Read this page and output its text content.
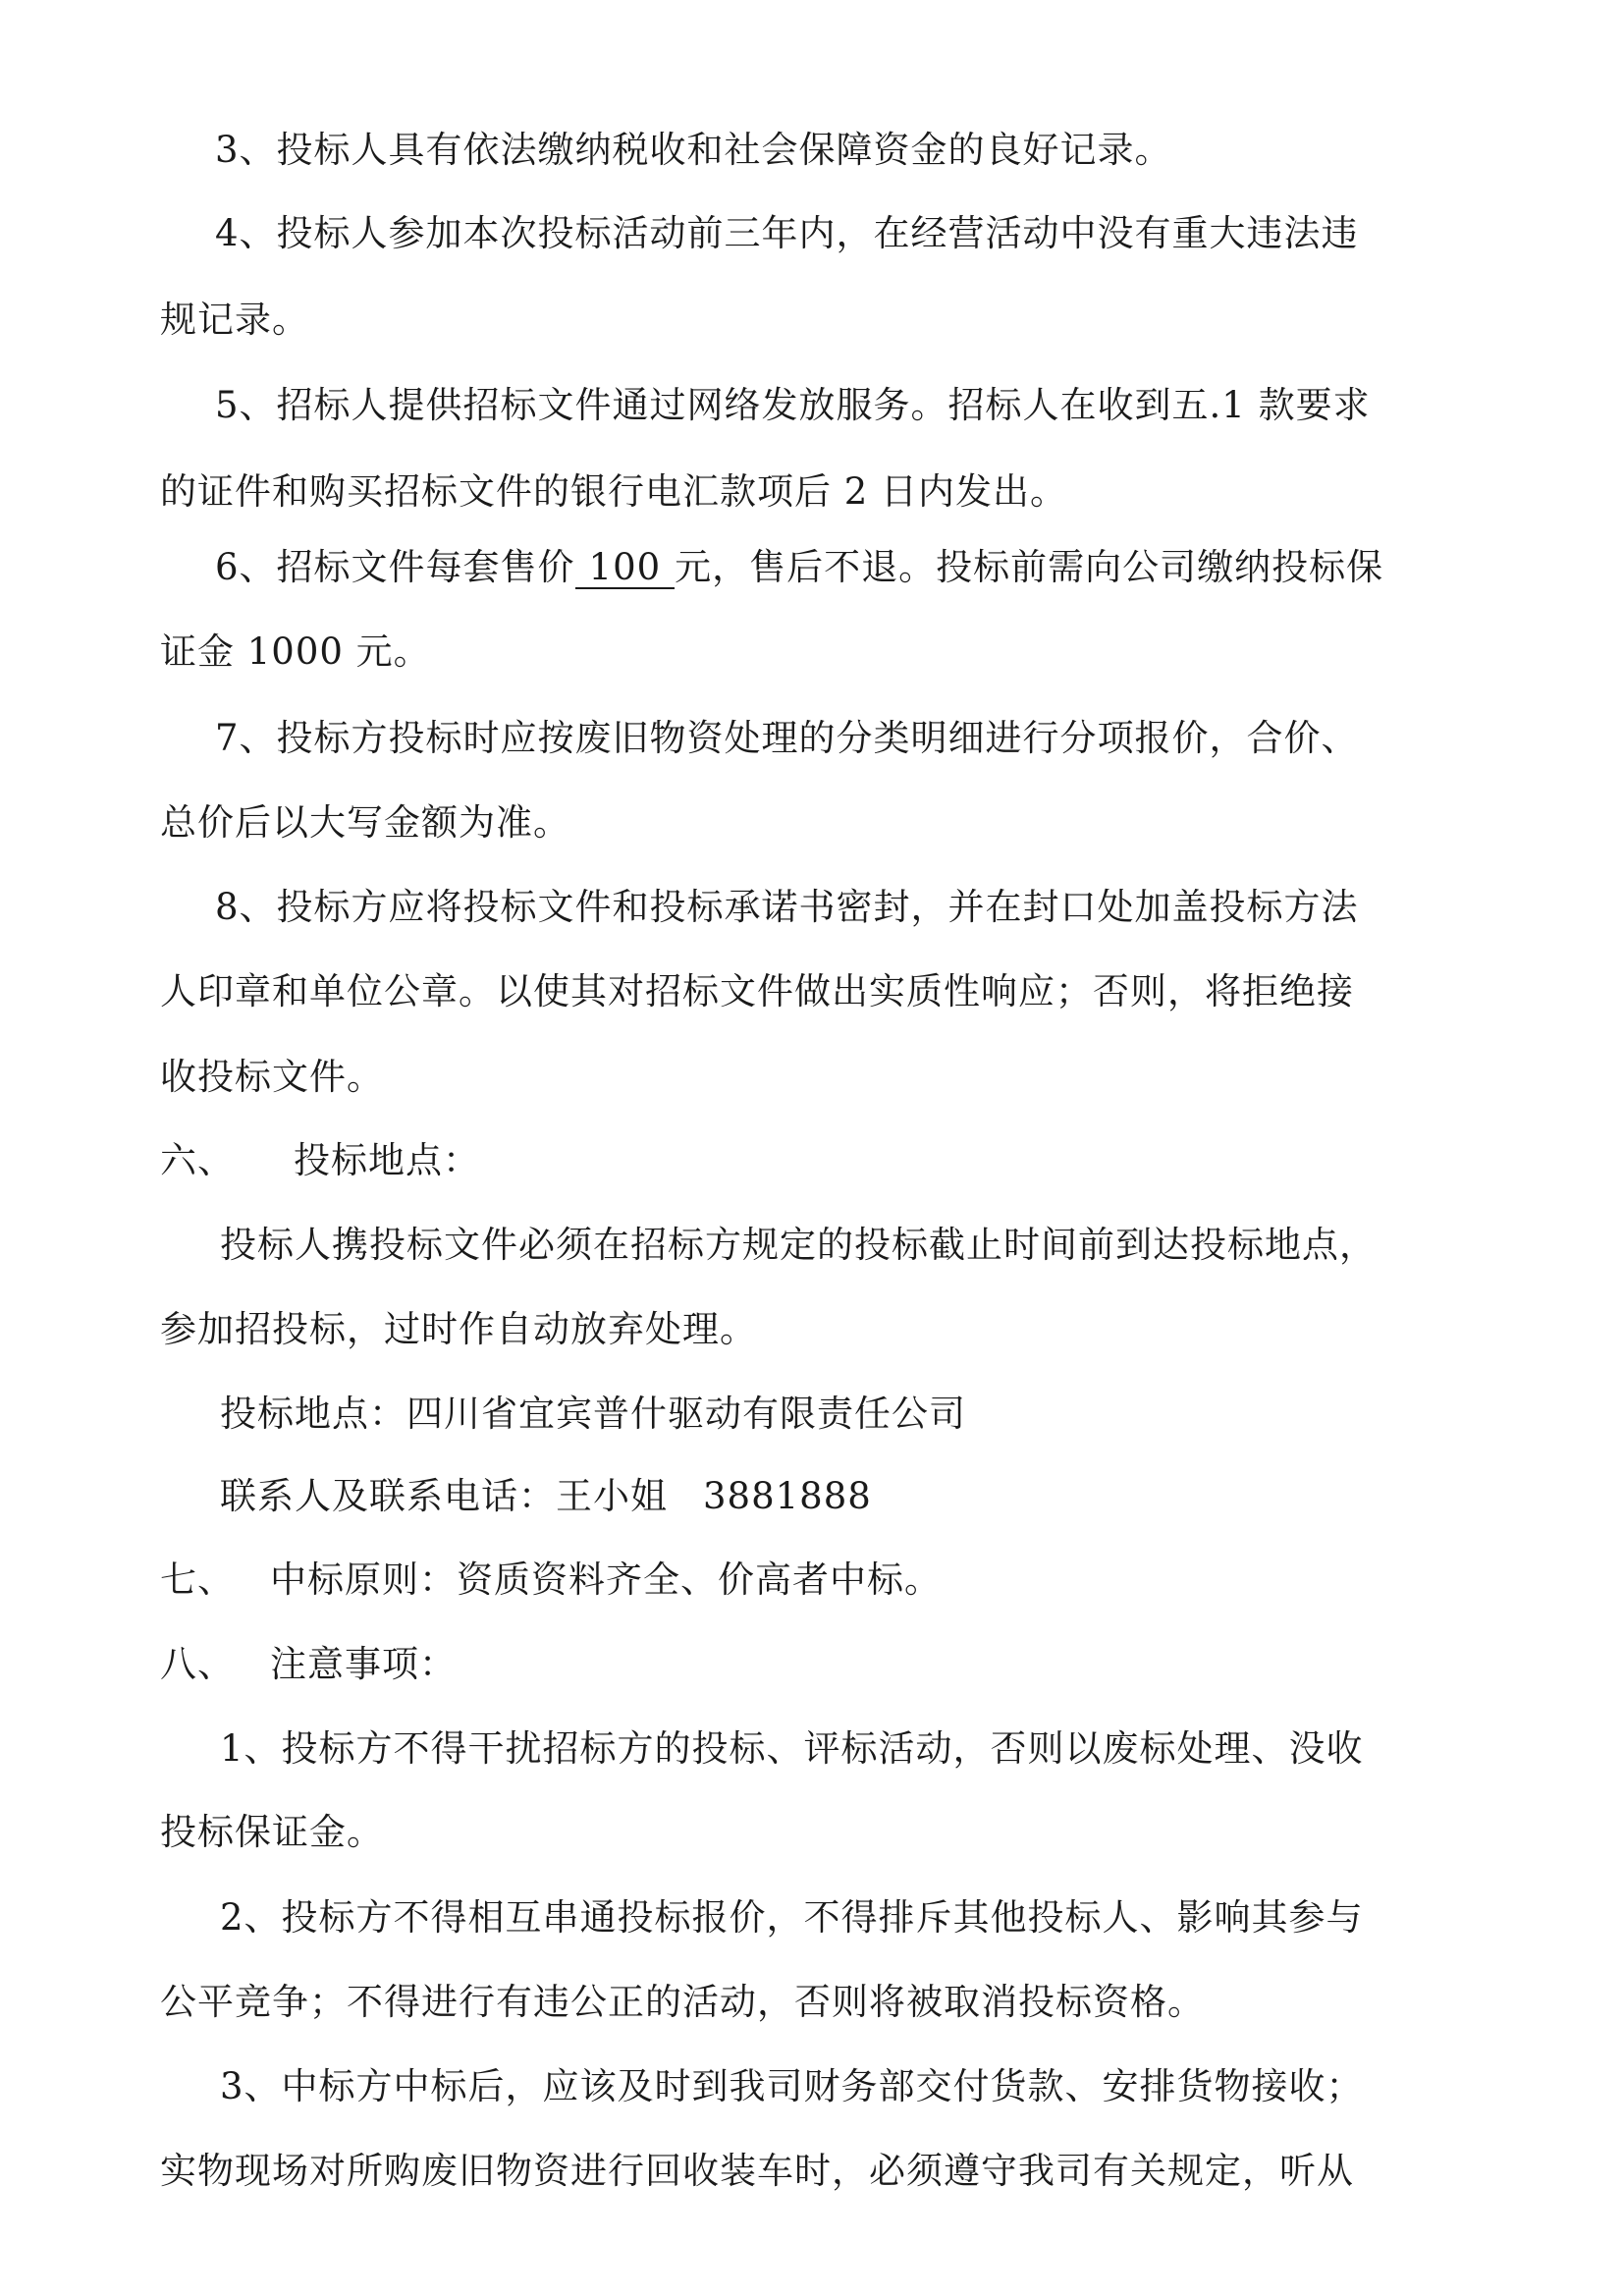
3、投标人具有依法缴纳税收和社会保障资金的良好记录。
4、投标人参加本次投标活动前三年内，在经营活动中没有重大违法违
规记录。
5、招标人提供招标文件通过网络发放服务。招标人在收到五.1 款要求
的证件和购买招标文件的银行电汇款项后 2 日内发出。
6、招标文件每套售价 100 元，售后不退。投标前需向公司缴纳投标保
证金 1000 元。
7、投标方投标时应按废旧物资处理的分类明细进行分项报价，合价、
总价后以大写金额为准。
8、投标方应将投标文件和投标承诺书密封，并在封口处加盖投标方法
人印章和单位公章。以使其对招标文件做出实质性响应；否则，将拒绝接
收投标文件。
六、 投标地点：
投标人携投标文件必须在招标方规定的投标截止时间前到达投标地点，
参加招投标，过时作自动放弃处理。
投标地点：四川省宜宾普什驱动有限责任公司
联系人及联系电话：王小姐 3881888
七、 中标原则：资质资料齐全、价高者中标。
八、 注意事项：
1、投标方不得干扰招标方的投标、评标活动，否则以废标处理、没收
投标保证金。
2、投标方不得相互串通投标报价，不得排斥其他投标人、影响其参与
公平竞争；不得进行有违公正的活动，否则将被取消投标资格。
3、中标方中标后，应该及时到我司财务部交付货款、安排货物接收；
实物现场对所购废旧物资进行回收装车时，必须遵守我司有关规定，听从
